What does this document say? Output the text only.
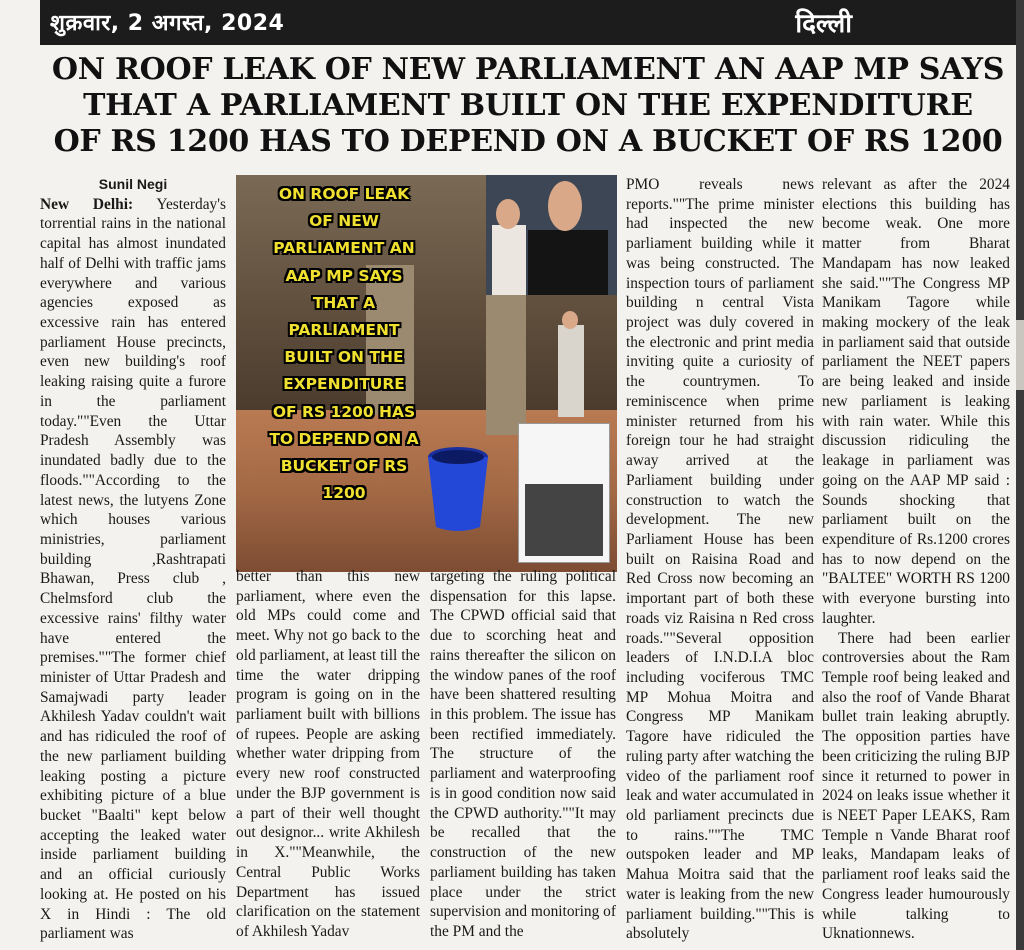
शुक्रवार, 2 अगस्त, 2024	दिल्ली
ON ROOF LEAK OF NEW PARLIAMENT AN AAP MP SAYS
THAT A PARLIAMENT BUILT ON THE EXPENDITURE
OF RS 1200 HAS TO DEPEND ON A BUCKET OF RS 1200

Sunil Negi

New Delhi: Yesterday's torrential rains in the national capital has almost inundated half of Delhi with traffic jams everywhere and various agencies exposed as excessive rain has entered parliament House precincts, even new building's roof leaking raising quite a furore in the parliament today.""Even the Uttar Pradesh Assembly was inundated badly due to the floods.""According to the latest news, the lutyens Zone which houses various ministries, parliament building ,Rashtrapati Bhawan, Press club , Chelmsford club the excessive rains' filthy water have entered the premises.""The former chief minister of Uttar Pradesh and Samajwadi party leader Akhilesh Yadav couldn't wait and has ridiculed the roof of the new parliament building leaking posting a picture exhibiting picture of a blue bucket "Baalti" kept below accepting the leaked water inside parliament building and an official curiously looking at. He posted on his X in Hindi : The old parliament was

ON ROOF LEAK
OF NEW
PARLIAMENT AN
AAP MP SAYS
THAT A
PARLIAMENT
BUILT ON THE
EXPENDITURE
OF RS 1200 HAS
TO DEPEND ON A
BUCKET OF RS
1200

better than this new parliament, where even the old MPs could come and meet. Why not go back to the old parliament, at least till the time the water dripping program is going on in the parliament built with billions of rupees. People are asking whether water dripping from every new roof constructed under the BJP government is a part of their well thought out designor... write Akhilesh in X.""Meanwhile, the Central Public Works Department has issued clarification on the statement of Akhilesh Yadav

targeting the ruling political dispensation for this lapse. The CPWD official said that due to scorching heat and rains thereafter the silicon on the window panes of the roof have been shattered resulting in this problem. The issue has been rectified immediately. The structure of the parliament and waterproofing is in good condition now said the CPWD authority.""It may be recalled that the construction of the new parliament building has taken place under the strict supervision and monitoring of the PM and the

PMO reveals news reports.""The prime minister had inspected the new parliament building while it was being constructed. The inspection tours of parliament building n central Vista project was duly covered in the electronic and print media inviting quite a curiosity of the countrymen. To reminiscence when prime minister returned from his foreign tour he had straight away arrived at the Parliament building under construction to watch the development. The new Parliament House has been built on Raisina Road and Red Cross now becoming an important part of both these roads viz Raisina n Red cross roads.""Several opposition leaders of I.N.D.I.A bloc including vociferous TMC MP Mohua Moitra and Congress MP Manikam Tagore have ridiculed the ruling party after watching the video of the parliament roof leak and water accumulated in old parliament precincts due to rains.""The TMC outspoken leader and MP Mahua Moitra said that the water is leaking from the new parliament building.""This is absolutely

relevant as after the 2024 elections this building has become weak. One more matter from Bharat Mandapam has now leaked she said.""The Congress MP Manikam Tagore while making mockery of the leak in parliament said that outside parliament the NEET papers are being leaked and inside new parliament is leaking with rain water. While this discussion ridiculing the leakage in parliament was going on the AAP MP said : Sounds shocking that parliament built on the expenditure of Rs.1200 crores has to now depend on the "BALTEE" WORTH RS 1200 with everyone bursting into laughter.

There had been earlier controversies about the Ram Temple roof being leaked and also the roof of Vande Bharat bullet train leaking abruptly. The opposition parties have been criticizing the ruling BJP since it returned to power in 2024 on leaks issue whether it is NEET Paper LEAKS, Ram Temple n Vande Bharat roof leaks, Mandapam leaks of parliament roof leaks said the Congress leader humourously while talking to Uknationnews.
